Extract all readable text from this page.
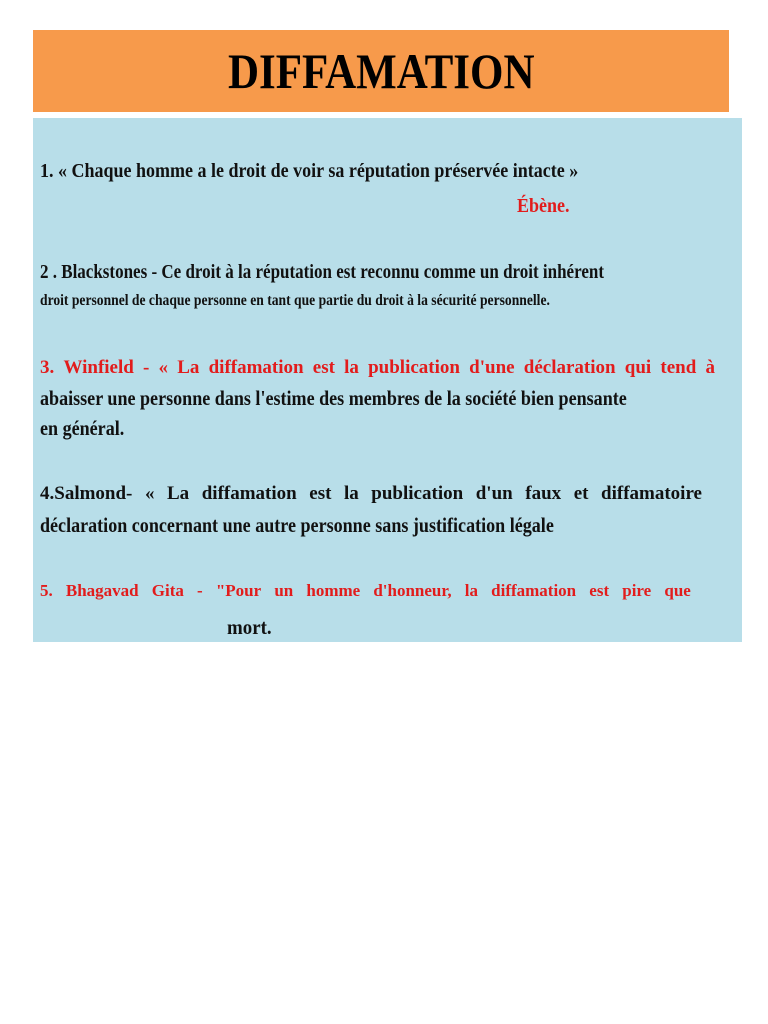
DIFFAMATION
1. « Chaque homme a le droit de voir sa réputation préservée intacte »
Ébène.
2 . Blackstones - Ce droit à la réputation est reconnu comme un droit inhérent
droit personnel de chaque personne en tant que partie du droit à la sécurité personnelle.
3. Winfield - « La diffamation est la publication d'une déclaration qui tend à
abaisser une personne dans l'estime des membres de la société bien pensante
en général.
4.Salmond- « La diffamation est la publication d'un faux et diffamatoire
déclaration concernant une autre personne sans justification légale
5. Bhagavad Gita - "Pour un homme d'honneur, la diffamation est pire que
mort.
